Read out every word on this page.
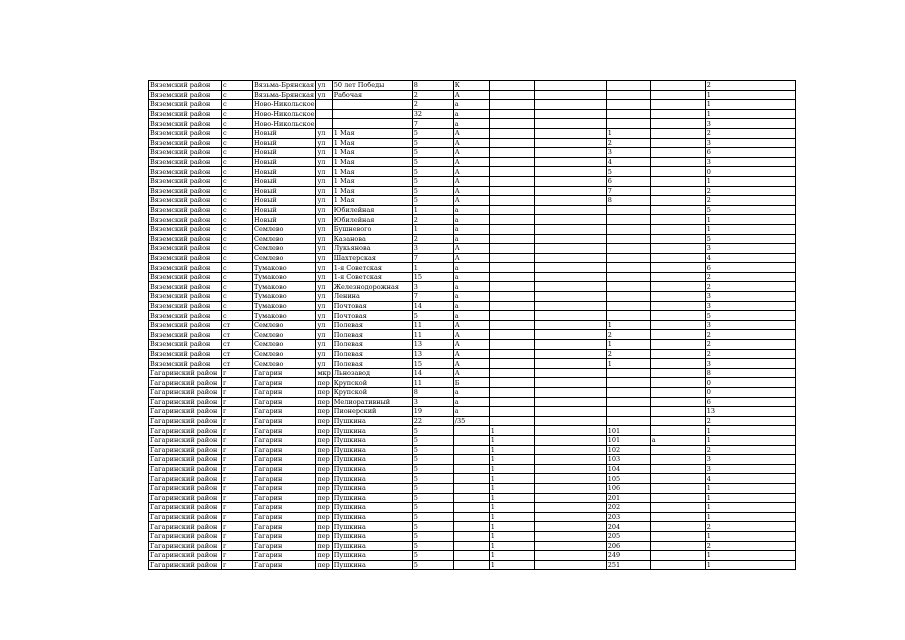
Вяземский район	с	Вязьма-Брянская	ул	50 лет Победы	8	К					2
Вяземский район	с	Вязьма-Брянская	ул	Рабочая	2	А					1
Вяземский район	с	Ново-Никольское			2	а					1
Вяземский район	с	Ново-Никольское			32	а					1
Вяземский район	с	Ново-Никольское			7	а					3
Вяземский район	с	Новый	ул	1 Мая	5	А			1		2
Вяземский район	с	Новый	ул	1 Мая	5	А			2		3
Вяземский район	с	Новый	ул	1 Мая	5	А			3		6
Вяземский район	с	Новый	ул	1 Мая	5	А			4		3
Вяземский район	с	Новый	ул	1 Мая	5	А			5		0
Вяземский район	с	Новый	ул	1 Мая	5	А			6		1
Вяземский район	с	Новый	ул	1 Мая	5	А			7		2
Вяземский район	с	Новый	ул	1 Мая	5	А			8		2
Вяземский район	с	Новый	ул	Юбилейная	1	а					5
Вяземский район	с	Новый	ул	Юбилейная	2	а					1
Вяземский район	с	Семлево	ул	Бушневого	1	а					1
Вяземский район	с	Семлево	ул	Казанова	2	а					5
Вяземский район	с	Семлево	ул	Лукьянова	3	А					3
Вяземский район	с	Семлево	ул	Шахтерская	7	А					4
Вяземский район	с	Тумаково	ул	1-я Советская	1	а					6
Вяземский район	с	Тумаково	ул	1-я Советская	15	а					2
Вяземский район	с	Тумаково	ул	Железнодорожная	3	а					2
Вяземский район	с	Тумаково	ул	Ленина	7	а					3
Вяземский район	с	Тумаково	ул	Почтовая	14	а					3
Вяземский район	с	Тумаково	ул	Почтовая	5	а					5
Вяземский район	ст	Семлево	ул	Полевая	11	А			1		3
Вяземский район	ст	Семлево	ул	Полевая	11	А			2		2
Вяземский район	ст	Семлево	ул	Полевая	13	А			1		2
Вяземский район	ст	Семлево	ул	Полевая	13	А			2		2
Вяземский район	ст	Семлево	ул	Полевая	15	А			1		3
Гагаринский район	г	Гагарин	мкр	Льнозавод	14	А					8
Гагаринский район	г	Гагарин	пер	Крупской	11	Б					0
Гагаринский район	г	Гагарин	пер	Крупской	8	а					0
Гагаринский район	г	Гагарин	пер	Мелиоративный	3	а					6
Гагаринский район	г	Гагарин	пер	Пионерский	19	а					13
Гагаринский район	г	Гагарин	пер	Пушкина	22	/35					2
Гагаринский район	г	Гагарин	пер	Пушкина	5		1		101		1
Гагаринский район	г	Гагарин	пер	Пушкина	5		1		101	а	1
Гагаринский район	г	Гагарин	пер	Пушкина	5		1		102		2
Гагаринский район	г	Гагарин	пер	Пушкина	5		1		103		3
Гагаринский район	г	Гагарин	пер	Пушкина	5		1		104		3
Гагаринский район	г	Гагарин	пер	Пушкина	5		1		105		4
Гагаринский район	г	Гагарин	пер	Пушкина	5		1		106		1
Гагаринский район	г	Гагарин	пер	Пушкина	5		1		201		1
Гагаринский район	г	Гагарин	пер	Пушкина	5		1		202		1
Гагаринский район	г	Гагарин	пер	Пушкина	5		1		203		1
Гагаринский район	г	Гагарин	пер	Пушкина	5		1		204		2
Гагаринский район	г	Гагарин	пер	Пушкина	5		1		205		1
Гагаринский район	г	Гагарин	пер	Пушкина	5		1		206		2
Гагаринский район	г	Гагарин	пер	Пушкина	5		1		249		1
Гагаринский район	г	Гагарин	пер	Пушкина	5		1		251		1
